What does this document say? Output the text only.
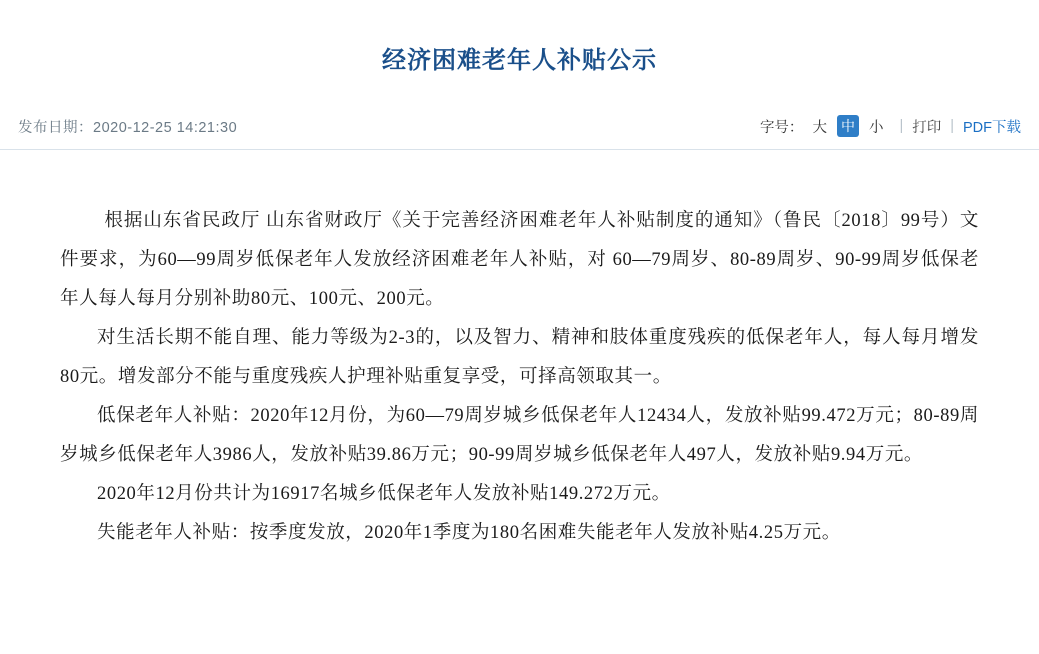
经济困难老年人补贴公示
发布日期：2020-12-25 14:21:30	字号： 大	中 小	| 打印 | PDF下载

根据山东省民政厅 山东省财政厅《关于完善经济困难老年人补贴制度的通知》（鲁民〔2018〕99号）文件要求，为60—99周岁低保老年人发放经济困难老年人补贴，对 60—79周岁、80-89周岁、90-99周岁低保老年人每人每月分别补助80元、100元、200元。

对生活长期不能自理、能力等级为2-3的，以及智力、精神和肢体重度残疾的低保老年人，每人每月增发80元。增发部分不能与重度残疾人护理补贴重复享受，可择高领取其一。

低保老年人补贴：2020年12月份，为60—79周岁城乡低保老年人12434人，发放补贴99.472万元；80-89周岁城乡低保老年人3986人，发放补贴39.86万元；90-99周岁城乡低保老年人497人，发放补贴9.94万元。

2020年12月份共计为16917名城乡低保老年人发放补贴149.272万元。

失能老年人补贴：按季度发放，2020年1季度为180名困难失能老年人发放补贴4.25万元。
